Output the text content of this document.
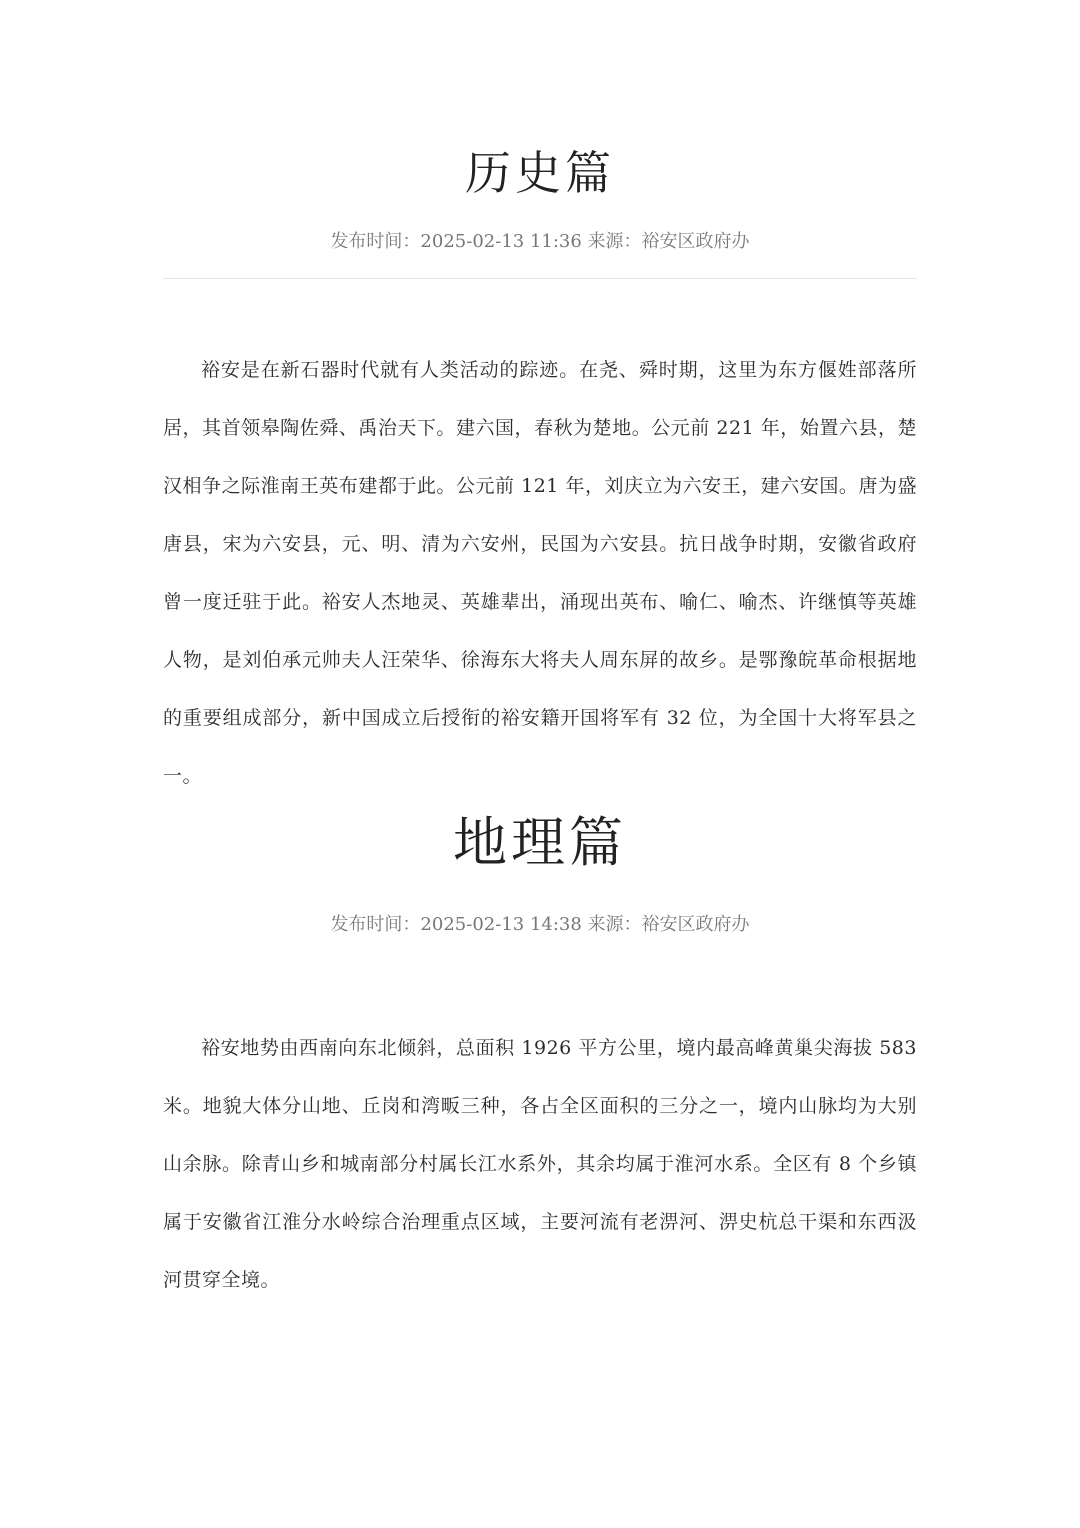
历史篇
发布时间：2025-02-13 11:36 来源：裕安区政府办

裕安是在新石器时代就有人类活动的踪迹。在尧、舜时期，这里为东方偃姓部落所居，其首领皋陶佐舜、禹治天下。建六国，春秋为楚地。公元前 221 年，始置六县，楚汉相争之际淮南王英布建都于此。公元前 121 年，刘庆立为六安王，建六安国。唐为盛唐县，宋为六安县，元、明、清为六安州，民国为六安县。抗日战争时期，安徽省政府曾一度迁驻于此。裕安人杰地灵、英雄辈出，涌现出英布、喻仁、喻杰、许继慎等英雄人物，是刘伯承元帅夫人汪荣华、徐海东大将夫人周东屏的故乡。是鄂豫皖革命根据地的重要组成部分，新中国成立后授衔的裕安籍开国将军有 32 位，为全国十大将军县之一。

地理篇
发布时间：2025-02-13 14:38 来源：裕安区政府办

裕安地势由西南向东北倾斜，总面积 1926 平方公里，境内最高峰黄巢尖海拔 583 米。地貌大体分山地、丘岗和湾畈三种，各占全区面积的三分之一，境内山脉均为大别山余脉。除青山乡和城南部分村属长江水系外，其余均属于淮河水系。全区有 8 个乡镇属于安徽省江淮分水岭综合治理重点区域，主要河流有老淠河、淠史杭总干渠和东西汲河贯穿全境。
